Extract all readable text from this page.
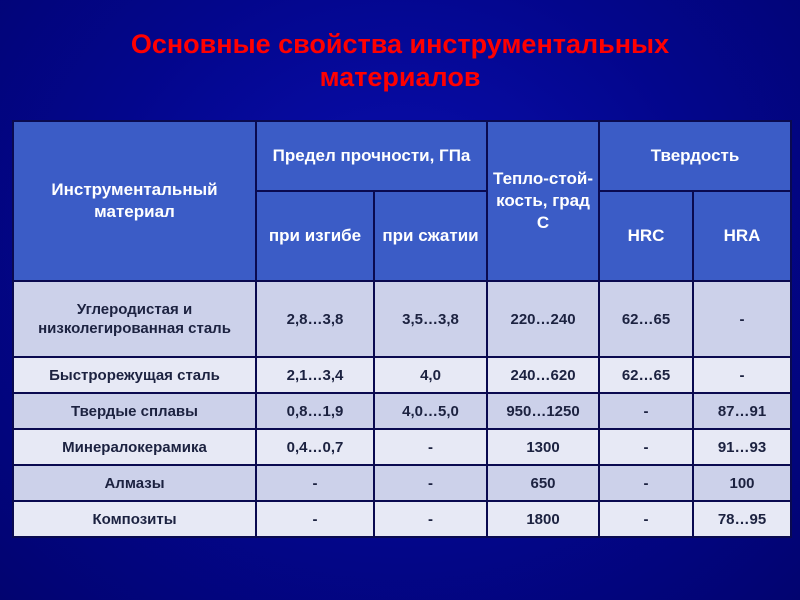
Основные свойства инструментальных
материалов
Инструментальный материал	Предел прочности, ГПа		Тепло-стой-кость, град С	Твердость	
	при изгибе	при сжатии		HRC	HRA
Углеродистая и низколегированная сталь	2,8…3,8	3,5…3,8	220…240	62…65	-
Быстрорежущая сталь	2,1…3,4	4,0	240…620	62…65	-
Твердые сплавы	0,8…1,9	4,0…5,0	950…1250	-	87…91
Минералокерамика	0,4…0,7	-	1300	-	91…93
Алмазы	-	-	650	-	100
Композиты	-	-	1800	-	78…95
